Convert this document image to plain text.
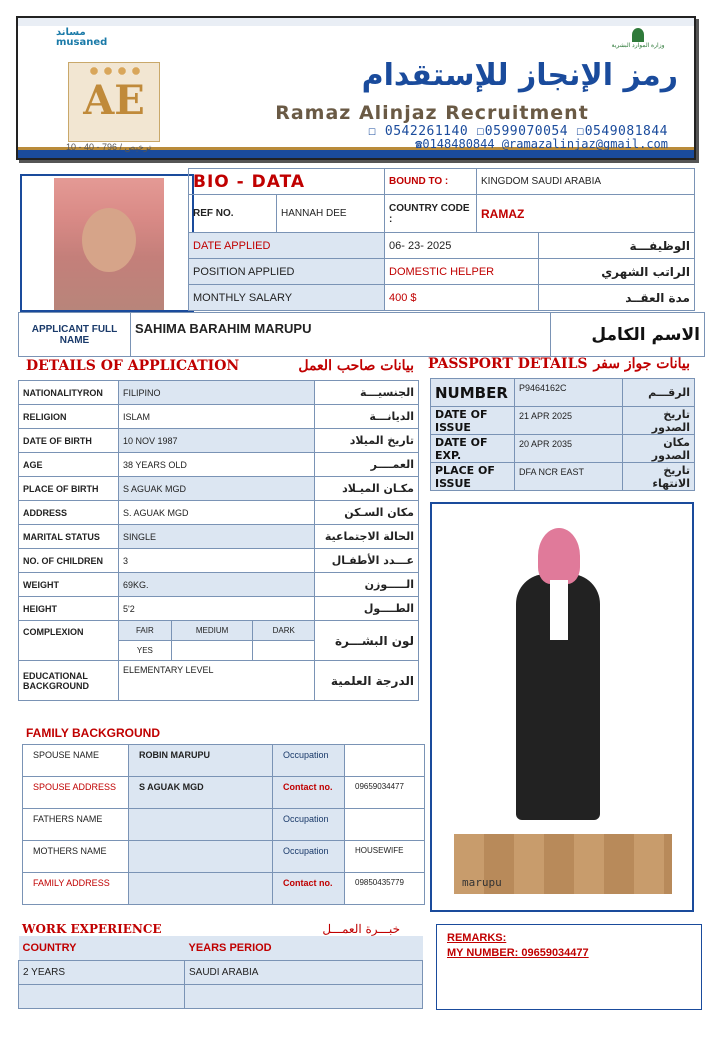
مساند
musaned
AE
10 - 40 - 796 / ترخيص
وزارة الموارد البشرية
رمز الإنجاز للإستقدام
Ramaz Alinjaz Recruitment
☐ 0542261140 ☐0599070054 ☐0549081844
☎0148480844 @ramazalinjaz@gmail.com
BIO - DATA		BOUND TO :	KINGDOM SAUDI ARABIA	
REF NO.	HANNAH DEE	COUNTRY CODE :	RAMAZ	
DATE APPLIED		06- 23- 2025		الوظيفـــة
POSITION APPLIED		DOMESTIC HELPER		الراتب الشهري
MONTHLY SALARY		400 $		مدة العقــد
APPLICANT FULL NAME	SAHIMA BARAHIM MARUPU	الاسم الكامل
DETAILS OF APPLICATION	بيانات صاحب العمل PASSPORT DETAILS بيانات جواز سفر
NATIONALITYRON	FILIPINO			الجنسيـــة
RELIGION	ISLAM			الديانـــة
DATE OF BIRTH	10 NOV 1987			تاريخ الميلاد
AGE	38 YEARS OLD			العمــــر
PLACE OF BIRTH	S AGUAK MGD			مكـان الميـلاد
ADDRESS	S. AGUAK MGD			مكان السـكن
MARITAL STATUS	SINGLE			الحالة الاجتماعية
NO. OF CHILDREN	3			عـــدد الأطفـال
WEIGHT	69KG.			الـــــوزن
HEIGHT	5'2			الطــــول
COMPLEXION	FAIR	MEDIUM	DARK	لون البشـــرة
	YES			
EDUCATIONAL BACKGROUND	ELEMENTARY LEVEL			الدرجة العلمية
NUMBER	P9464162C	الرقـــم
DATE OF ISSUE	21 APR 2025	تاريخ الصدور
DATE OF EXP.	20 APR 2035	مكان الصدور
PLACE OF ISSUE	DFA NCR EAST	تاريخ الانتهاء
marupu
FAMILY BACKGROUND
SPOUSE NAME	ROBIN MARUPU	Occupation	
SPOUSE ADDRESS	S AGUAK MGD	Contact no.	09659034477
FATHERS NAME		Occupation	
MOTHERS NAME		Occupation	HOUSEWIFE
FAMILY ADDRESS		Contact no.	09850435779
WORK EXPERIENCE	خبـــرة العمـــل
COUNTRY	YEARS PERIOD
2 YEARS	SAUDI ARABIA

REMARKS:
MY NUMBER: 09659034477
